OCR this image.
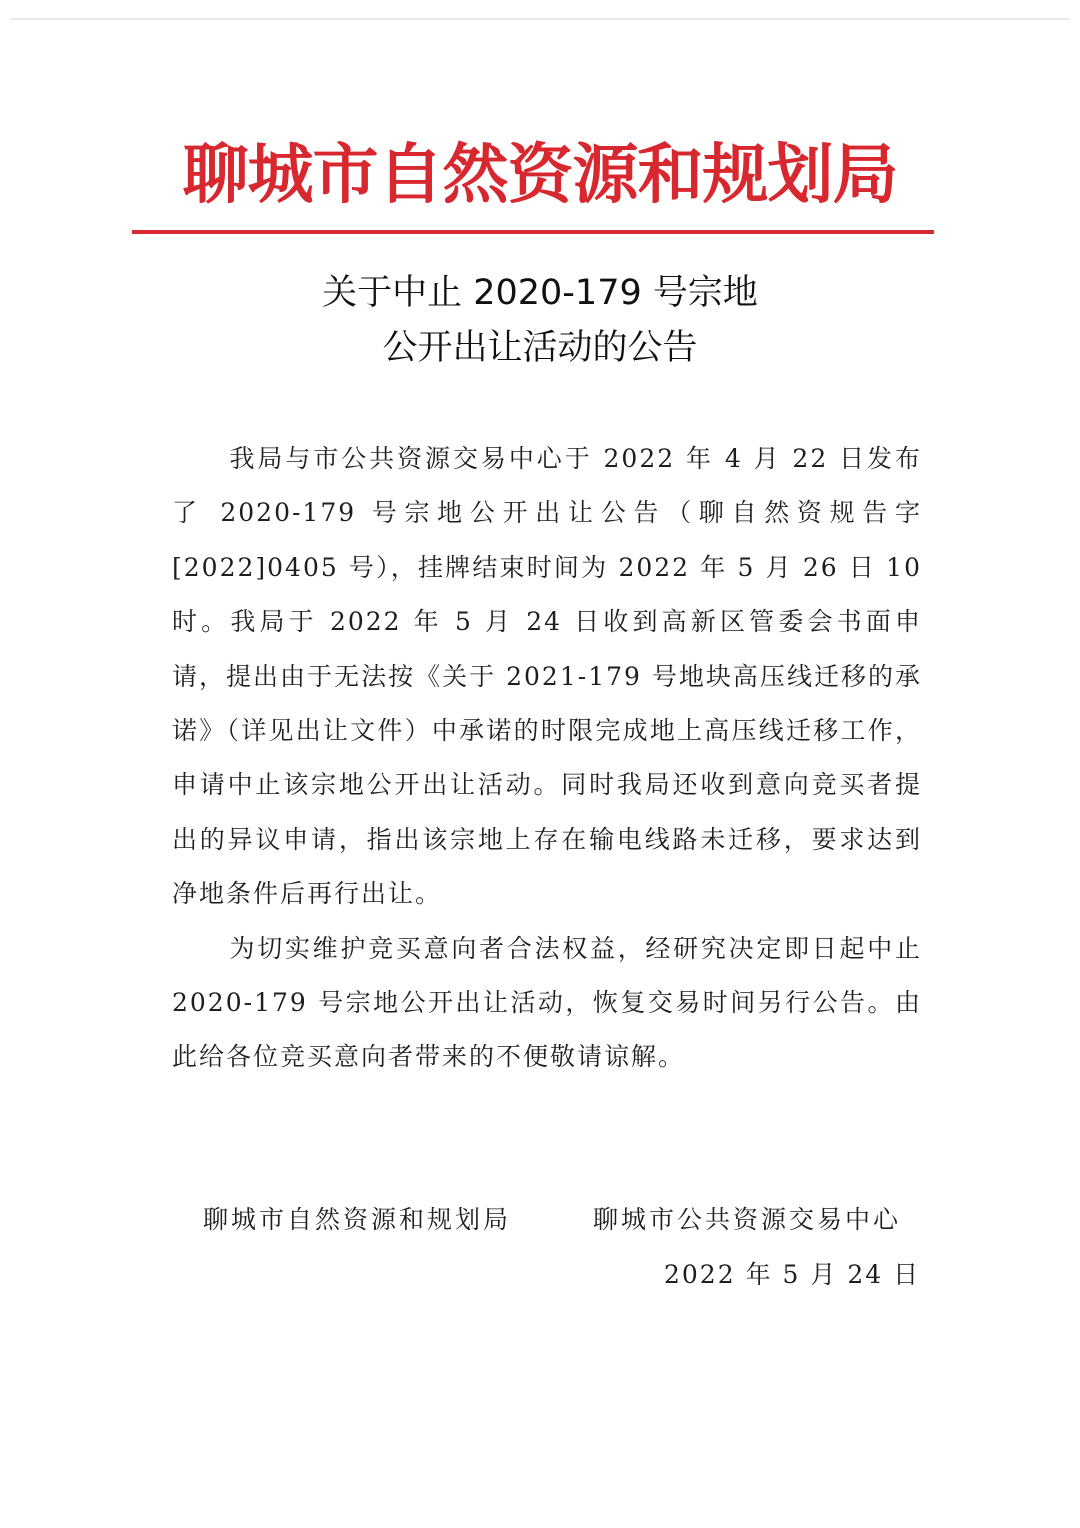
聊城市自然资源和规划局
关于中止 2020-179 号宗地
公开出让活动的公告

我局与市公共资源交易中心于 2022 年 4 月 22 日发布了 2020-179 号宗地公开出让公告（聊自然资规告字[2022]0405 号），挂牌结束时间为 2022 年 5 月 26 日 10 时。我局于 2022 年 5 月 24 日收到高新区管委会书面申请，提出由于无法按《关于 2021-179 号地块高压线迁移的承诺》（详见出让文件）中承诺的时限完成地上高压线迁移工作，申请中止该宗地公开出让活动。同时我局还收到意向竞买者提出的异议申请，指出该宗地上存在输电线路未迁移，要求达到净地条件后再行出让。

为切实维护竞买意向者合法权益，经研究决定即日起中止 2020-179 号宗地公开出让活动，恢复交易时间另行公告。由此给各位竞买意向者带来的不便敬请谅解。

聊城市自然资源和规划局	聊城市公共资源交易中心
2022 年 5 月 24 日
